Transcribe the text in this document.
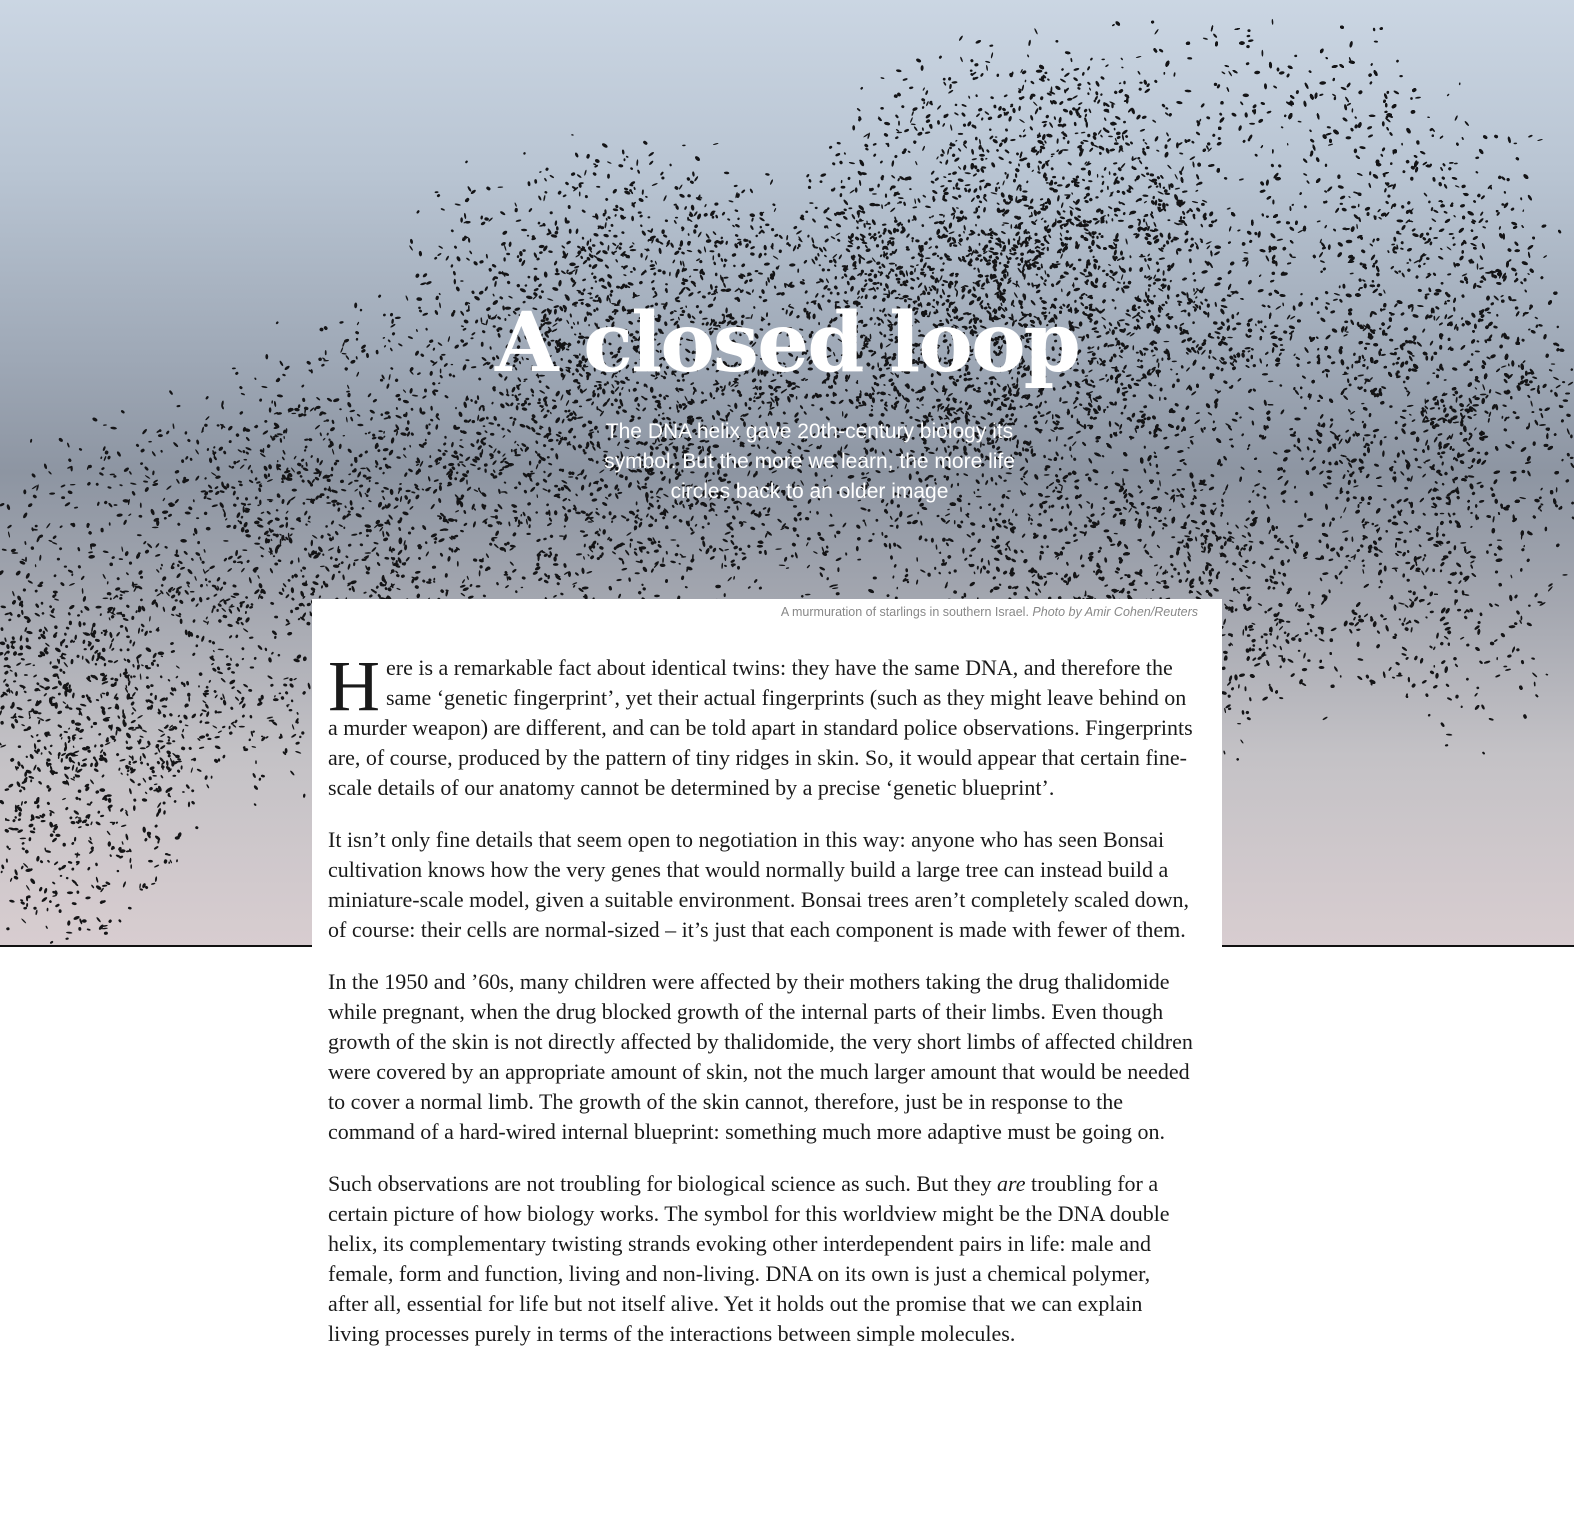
A closed loop

The DNA helix gave 20th-century biology its symbol. But the more we learn, the more life circles back to an older image

A murmuration of starlings in southern Israel. Photo by Amir Cohen/Reuters

Here is a remarkable fact about identical twins: they have the same DNA, and therefore the same ‘genetic fingerprint’, yet their actual fingerprints (such as they might leave behind on a murder weapon) are different, and can be told apart in standard police observations. Fingerprints are, of course, produced by the pattern of tiny ridges in skin. So, it would appear that certain fine-scale details of our anatomy cannot be determined by a precise ‘genetic blueprint’.

It isn’t only fine details that seem open to negotiation in this way: anyone who has seen Bonsai cultivation knows how the very genes that would normally build a large tree can instead build a miniature-scale model, given a suitable environment. Bonsai trees aren’t completely scaled down, of course: their cells are normal-sized – it’s just that each component is made with fewer of them.

In the 1950 and ’60s, many children were affected by their mothers taking the drug thalidomide while pregnant, when the drug blocked growth of the internal parts of their limbs. Even though growth of the skin is not directly affected by thalidomide, the very short limbs of affected children were covered by an appropriate amount of skin, not the much larger amount that would be needed to cover a normal limb. The growth of the skin cannot, therefore, just be in response to the command of a hard-wired internal blueprint: something much more adaptive must be going on.

Such observations are not troubling for biological science as such. But they are troubling for a certain picture of how biology works. The symbol for this worldview might be the DNA double helix, its complementary twisting strands evoking other interdependent pairs in life: male and female, form and function, living and non-living. DNA on its own is just a chemical polymer, after all, essential for life but not itself alive. Yet it holds out the promise that we can explain living processes purely in terms of the interactions between simple molecules.
